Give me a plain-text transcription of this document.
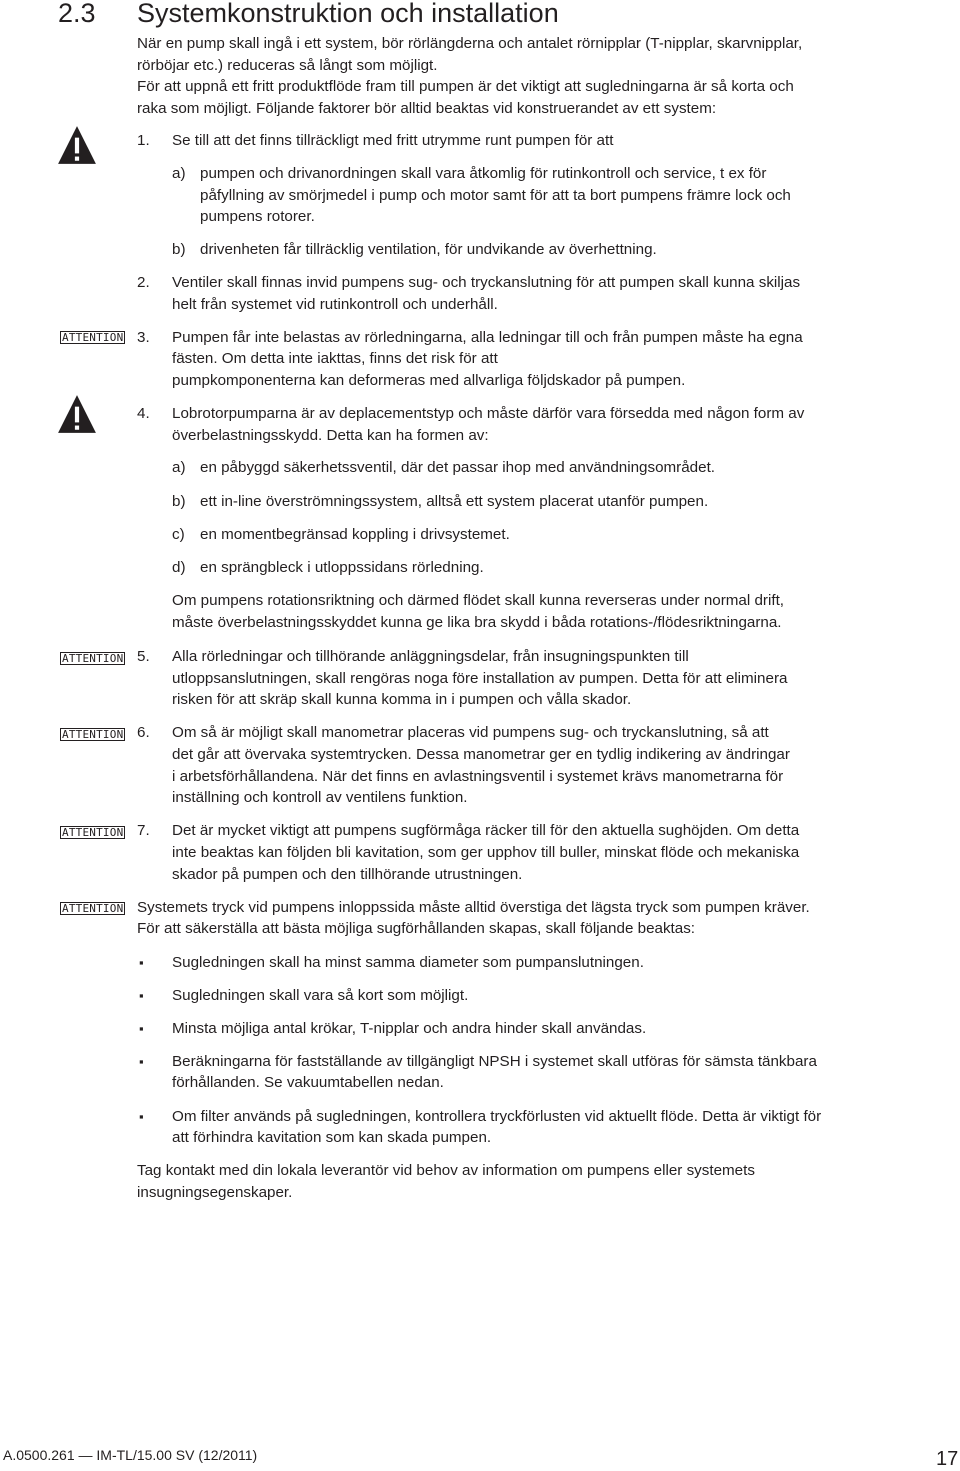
2.3 Systemkonstruktion och installation
När en pump skall ingå i ett system, bör rörlängderna och antalet rörnipplar (T-nipplar, skarvnipplar,
rörböjar etc.) reduceras så långt som möjligt.
För att uppnå ett fritt produktflöde fram till pumpen är det viktigt att sugledningarna är så korta och
raka som möjligt. Följande faktorer bör alltid beaktas vid konstruerandet av ett system:
ATTENTION
ATTENTION
ATTENTION
ATTENTION
ATTENTION
1. Se till att det finns tillräckligt med fritt utrymme runt pumpen för att
a) pumpen och drivanordningen skall vara åtkomlig för rutinkontroll och service, t ex för
påfyllning av smörjmedel i pump och motor samt för att ta bort pumpens främre lock och
pumpens rotorer.
b) drivenheten får tillräcklig ventilation, för undvikande av överhettning.
2. Ventiler skall finnas invid pumpens sug- och tryckanslutning för att pumpen skall kunna skiljas
helt från systemet vid rutinkontroll och underhåll.
3. Pumpen får inte belastas av rörledningarna, alla ledningar till och från pumpen måste ha egna
fästen. Om detta inte iakttas, finns det risk för att
pumpkomponenterna kan deformeras med allvarliga följdskador på pumpen.
4. Lobrotorpumparna är av deplacementstyp och måste därför vara försedda med någon form av
överbelastningsskydd. Detta kan ha formen av:
a) en påbyggd säkerhetssventil, där det passar ihop med användningsområdet.
b) ett in-line överströmningssystem, alltså ett system placerat utanför pumpen.
c) en momentbegränsad koppling i drivsystemet.
d) en sprängbleck i utloppssidans rörledning.
Om pumpens rotationsriktning och därmed flödet skall kunna reverseras under normal drift,
måste överbelastningsskyddet kunna ge lika bra skydd i båda rotations-/flödesriktningarna.
5. Alla rörledningar och tillhörande anläggningsdelar, från insugningspunkten till
utloppsanslutningen, skall rengöras noga före installation av pumpen. Detta för att eliminera
risken för att skräp skall kunna komma in i pumpen och vålla skador.
6. Om så är möjligt skall manometrar placeras vid pumpens sug- och tryckanslutning, så att
det går att övervaka systemtrycken. Dessa manometrar ger en tydlig indikering av ändringar
i arbetsförhållandena. När det finns en avlastningsventil i systemet krävs manometrarna för
inställning och kontroll av ventilens funktion.
7. Det är mycket viktigt att pumpens sugförmåga räcker till för den aktuella sughöjden. Om detta
inte beaktas kan följden bli kavitation, som ger upphov till buller, minskat flöde och mekaniska
skador på pumpen och den tillhörande utrustningen.
Systemets tryck vid pumpens inloppssida måste alltid överstiga det lägsta tryck som pumpen kräver.
För att säkerställa att bästa möjliga sugförhållanden skapas, skall följande beaktas:
▪ Sugledningen skall ha minst samma diameter som pumpanslutningen.
▪ Sugledningen skall vara så kort som möjligt.
▪ Minsta möjliga antal krökar, T-nipplar och andra hinder skall användas.
▪ Beräkningarna för fastställande av tillgängligt NPSH i systemet skall utföras för sämsta tänkbara
förhållanden. Se vakuumtabellen nedan.
▪ Om filter används på sugledningen, kontrollera tryckförlusten vid aktuellt flöde. Detta är viktigt för
att förhindra kavitation som kan skada pumpen.
Tag kontakt med din lokala leverantör vid behov av information om pumpens eller systemets
insugningsegenskaper.
A.0500.261 — IM-TL/15.00 SV (12/2011)	17
